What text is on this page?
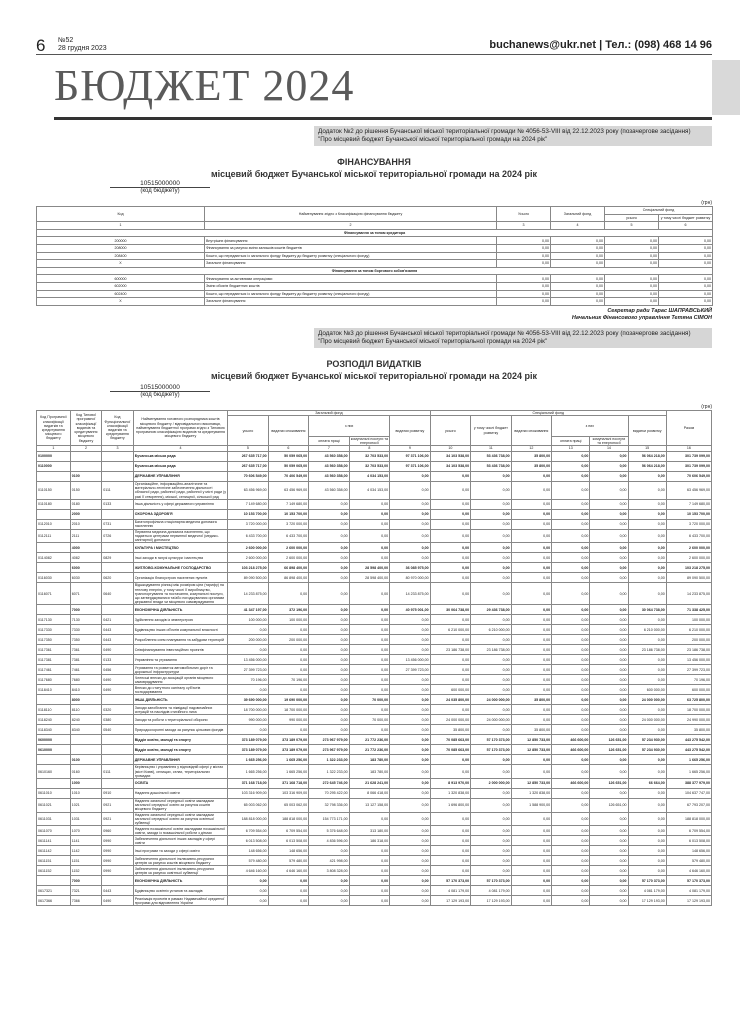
6 №52
28 грудня 2023	buchanews@ukr.net | Тел.: (098) 468 14 96
БЮДЖЕТ 2024
Додаток №2 до рішення Бучанської міської територіальної громади № 4056-53-VIII від 22.12.2023 року (позачергове засідання)
"Про місцевий бюджет Бучанської міської територіальної громади на 2024 рік"
ФІНАНСУВАННЯ
місцевий бюджет Бучанської міської територіальної громади на 2024 рік
10515000000
(код бюджету)
(грн)
Код	Найменування згідно з Класифікацією фінансування бюджету	Усього	Загальний фонд	Спеціальний фонд	
				усього	у тому числі бюджет розвитку
1	2	3	4	5	6
Фінансування за типом кредитора					
200000	Внутрішнє фінансування	0,00	0,00	0,00	0,00
208000	Фінансування за рахунок зміни залишків коштів бюджетів	0,00	0,00	0,00	0,00
208400	Кошти, що передаються із загального фонду бюджету до бюджету розвитку (спеціального фонду)	0,00	0,00	0,00	0,00
X	Загальне фінансування	0,00	0,00	0,00	0,00
Фінансування за типом боргового зобов'язання					
600000	Фінансування за активними операціями	0,00	0,00	0,00	0,00
602000	Зміни обсягів бюджетних коштів	0,00	0,00	0,00	0,00
602400	Кошти, що передаються із загального фонду бюджету до бюджету розвитку (спеціального фонду)	0,00	0,00	0,00	0,00
X	Загальне фінансування	0,00	0,00	0,00	0,00
Секретар ради Тарас ШАПРАВСЬКИЙ
Начальник Фінансового управління Тетяна СІМОН
Додаток №3 до рішення Бучанської міської територіальної громади № 4056-53-VIII від 22.12.2023 року (позачергове засідання)
"Про місцевий бюджет Бучанської міської територіальної громади на 2024 рік"
РОЗПОДІЛ ВИДАТКІВ
місцевий бюджет Бучанської міської територіальної громади на 2024 рік
10515000000
(код бюджету)
(грн)
Код Програмної класифікації видатків та кредитування місцевого бюджету	Код Типової програмної класифікації видатків та кредитування місцевого бюджету	Код Функціональної класифікації видатків та кредитування бюджету	Найменування головного розпорядника коштів місцевого бюджету / відповідального виконавця, найменування бюджетної програми згідно з Типовою програмною класифікацією видатків та кредитування місцевого бюджету	Загальний фонд					Спеціальний фонд						Разом
				усього	видатки споживання	з них		видатки розвитку	усього	у тому числі бюджет розвитку	видатки споживання	з них		видатки розвитку	
						оплата праці	комунальні послуги та енергоносії					оплата праці	комунальні послуги та енергоносії		
1	2	3	4	5	6	7	8	9	10	11	12	13	14	15	16
0100000			Бучанська міська рада	267 635 717,00	50 059 065,00	43 560 358,00	32 703 533,00	97 371 106,00	34 103 538,00	53 436 738,00	35 800,00	0,00	0,00	56 064 218,00	301 739 099,00
0110000			Бучанська міська рада	267 635 717,00	50 059 065,00	43 560 358,00	32 703 533,00	97 371 106,00	34 103 538,00	53 436 738,00	35 800,00	0,00	0,00	56 064 218,00	301 739 099,00
	0100		ДЕРЖАВНЕ УПРАВЛІННЯ	70 606 549,00	70 406 549,00	43 560 358,00	4 034 153,00	0,00	0,00	0,00	0,00	0,00	0,00	0,00	70 606 549,00
0110150	0150	0111	Організаційне, інформаційно-аналітичне та матеріально-технічне забезпечення діяльності обласної ради, районної ради, районної у місті ради (у разі її створення), міської, селищної, сільської рад	63 456 969,00	63 456 969,00	43 560 358,00	4 034 153,00	0,00	0,00	0,00	0,00	0,00	0,00	0,00	63 456 969,00
0110180	0180	0133	Інша діяльність у сфері державного управління	7 149 680,00	7 149 680,00	0,00	0,00	0,00	0,00	0,00	0,00	0,00	0,00	0,00	7 149 680,00
	2000		ОХОРОНА ЗДОРОВ'Я	10 153 700,00	10 153 700,00	0,00	0,00	0,00	0,00	0,00	0,00	0,00	0,00	0,00	10 153 700,00
0112010	2010	0731	Багатопрофільна стаціонарна медична допомога населенню	3 720 000,00	3 720 000,00	0,00	0,00	0,00	0,00	0,00	0,00	0,00	0,00	0,00	3 720 000,00
0112111	2111	0726	Первинна медична допомога населенню, що надається центрами первинної медичної (медико-санітарної) допомоги	6 433 700,00	6 433 700,00	0,00	0,00	0,00	0,00	0,00	0,00	0,00	0,00	0,00	6 433 700,00
	4000		КУЛЬТУРА І МИСТЕЦТВО	2 600 000,00	2 600 000,00	0,00	0,00	0,00	0,00	0,00	0,00	0,00	0,00	0,00	2 600 000,00
0114082	4082	0829	Інші заходи в галузі культури і мистецтва	2 600 000,00	2 600 000,00	0,00	0,00	0,00	0,00	0,00	0,00	0,00	0,00	0,00	2 600 000,00
	6000		ЖИТЛОВО-КОМУНАЛЬНЕ ГОСПОДАРСТВО	103 218 275,00	66 898 400,00	0,00	28 598 400,00	36 085 975,00	0,00	0,00	0,00	0,00	0,00	0,00	103 218 275,00
0116030	6030	0620	Організація благоустрою населених пунктів	89 090 500,00	86 898 400,00	0,00	28 598 400,00	80 970 000,00	0,00	0,00	0,00	0,00	0,00	0,00	89 090 500,00
0116071	6071	0640	Відшкодування різниці між розміром ціни (тарифу) на теплову енергію, у тому числі її виробництво, транспортування та постачання, комунальні послуги, що затверджувалися та/або погоджувалися органами державної влади чи місцевого самоврядування	14 233 875,00	0,00	0,00	0,00	14 233 875,00	0,00	0,00	0,00	0,00	0,00	0,00	14 233 875,00
	7000		ЕКОНОМІЧНА ДІЯЛЬНІСТЬ	41 347 197,00	372 196,00	0,00	0,00	40 975 001,00	30 064 738,00	29 436 738,00	0,00	0,00	0,00	30 064 738,00	71 338 425,00
0117130	7130	0421	Здійснення заходів із землеустрою	100 000,00	100 000,00	0,00	0,00	0,00	0,00	0,00	0,00	0,00	0,00	0,00	100 000,00
0117330	7330	0443	Будівництво інших об'єктів комунальної власності	0,00	0,00	0,00	0,00	0,00	6 210 000,00	6 210 000,00	0,00	0,00	0,00	6 210 000,00	6 210 000,00
0117350	7350	0443	Розроблення схем планування та забудови територій	200 000,00	200 000,00	0,00	0,00	0,00	0,00	0,00	0,00	0,00	0,00	0,00	200 000,00
0117361	7361	0490	Співфінансування інвестиційних проектів	0,00	0,00	0,00	0,00	0,00	23 186 738,00	23 186 738,00	0,00	0,00	0,00	23 186 738,00	23 186 738,00
0117381	7381	0133	Управління та утримання	13 456 000,00	0,00	0,00	0,00	13 456 000,00	0,00	0,00	0,00	0,00	0,00	0,00	13 456 000,00
0117461	7461	0456	Утримання та розвиток автомобільних доріг та дорожньої інфраструктури	27 399 723,00	0,00	0,00	0,00	27 399 723,00	0,00	0,00	0,00	0,00	0,00	0,00	27 399 723,00
0117680	7680	0490	Членські внески до асоціацій органів місцевого самоврядування	70 196,00	70 196,00	0,00	0,00	0,00	0,00	0,00	0,00	0,00	0,00	0,00	70 196,00
0118410	8410	0490	Внески до статутного капіталу суб'єктів господарювання	0,00	0,00	0,00	0,00	0,00	600 000,00	0,00	0,00	0,00	0,00	600 000,00	600 000,00
	8000		ІНША ДІЯЛЬНІСТЬ	39 690 000,00	19 690 000,00	0,00	70 000,00	0,00	24 035 800,00	24 000 000,00	35 800,00	0,00	0,00	24 000 000,00	63 725 800,00
0118110	8110	0320	Заходи запобігання та ліквідації надзвичайних ситуацій та наслідків стихійного лиха	18 700 000,00	18 700 000,00	0,00	0,00	0,00	0,00	0,00	0,00	0,00	0,00	0,00	18 700 000,00
0118240	8240	0380	Заходи та роботи з територіальної оборони	990 000,00	990 000,00	0,00	70 000,00	0,00	24 000 000,00	24 000 000,00	0,00	0,00	0,00	24 000 000,00	24 990 000,00
0118340	8340	0540	Природоохоронні заходи за рахунок цільових фондів	0,00	0,00	0,00	0,00	0,00	35 800,00	0,00	35 800,00	0,00	0,00	0,00	35 800,00
0600000			Відділ освіти, молоді та спорту	373 189 079,00	373 189 079,00	273 967 979,00	21 772 236,00	0,00	70 085 663,00	57 170 373,00	12 850 733,00	466 600,00	126 651,00	57 234 930,00	443 275 542,00
0610000			Відділ освіти, молоді та спорту	373 189 079,00	373 189 079,00	273 967 979,00	21 772 236,00	0,00	70 085 663,00	57 170 373,00	12 850 733,00	466 600,00	126 651,00	57 234 930,00	443 275 542,00
	0100		ДЕРЖАВНЕ УПРАВЛІННЯ	1 665 256,00	1 665 256,00	1 322 233,00	183 780,00	0,00	0,00	0,00	0,00	0,00	0,00	0,00	1 665 256,00
0610160	0160	0111	Керівництво і управління у відповідній сфері у містах (місті Києві), селищах, селах, територіальних громадах	1 665 256,00	1 665 256,00	1 322 233,00	183 780,00	0,00	0,00	0,00	0,00	0,00	0,00	0,00	1 665 256,00
	1000		ОСВІТА	371 168 718,00	371 168 718,00	272 645 746,00	21 628 241,00	0,00	8 913 970,00	2 000 000,00	12 850 733,00	466 600,00	126 651,00	66 664,00	388 377 979,00
0611010	1010	0910	Надання дошкільної освіти	103 316 909,00	103 316 909,00	70 295 422,00	8 066 418,00	0,00	1 320 838,00	0,00	1 320 838,00	0,00	0,00	0,00	104 637 747,00
0611021	1021	0921	Надання загальної середньої освіти закладами загальної середньої освіти за рахунок коштів місцевого бюджету	65 003 062,00	65 003 062,00	32 798 336,00	13 127 158,00	0,00	1 696 800,00	0,00	1 588 900,00	0,00	126 651,00	0,00	67 793 207,00
0611031	1031	0921	Надання загальної середньої освіти закладами загальної середньої освіти за рахунок освітньої субвенції	188 818 000,00	188 818 000,00	154 773 171,00	0,00	0,00	0,00	0,00	0,00	0,00	0,00	0,00	188 818 000,00
0611070	1070	0960	Надання позашкільної освіти закладами позашкільної освіти, заходи із позашкільної роботи з дітьми	6 709 554,00	6 709 554,00	5 376 648,00	313 180,00	0,00	0,00	0,00	0,00	0,00	0,00	0,00	6 709 554,00
0611141	1141	0990	Забезпечення діяльності інших закладів у сфері освіти	6 013 508,00	6 013 508,00	4 836 596,00	186 318,00	0,00	0,00	0,00	0,00	0,00	0,00	0,00	6 013 508,00
0611142	1142	0990	Інші програми та заходи у сфері освіти	148 656,00	148 656,00	0,00	0,00	0,00	0,00	0,00	0,00	0,00	0,00	0,00	148 656,00
0611151	1151	0990	Забезпечення діяльності інклюзивно-ресурсних центрів за рахунок коштів місцевого бюджету	579 480,00	579 480,00	421 998,00	0,00	0,00	0,00	0,00	0,00	0,00	0,00	0,00	579 480,00
0611152	1152	0990	Забезпечення діяльності інклюзивно-ресурсних центрів за рахунок освітньої субвенції	4 646 160,00	4 646 160,00	3 808 328,00	0,00	0,00	0,00	0,00	0,00	0,00	0,00	0,00	4 646 160,00
	7000		ЕКОНОМІЧНА ДІЯЛЬНІСТЬ	0,00	0,00	0,00	0,00	0,00	57 170 373,00	57 170 373,00	0,00	0,00	0,00	57 170 373,00	57 170 373,00
0617321	7321	0443	Будівництво освітніх установ та закладів	0,00	0,00	0,00	0,00	0,00	4 081 179,00	4 081 179,00	0,00	0,00	0,00	4 081 179,00	4 081 179,00
0617366	7366	0490	Реалізація проектів в рамках Надзвичайної кредитної програми для відновлення України	0,00	0,00	0,00	0,00	0,00	17 129 193,00	17 129 193,00	0,00	0,00	0,00	17 129 193,00	17 129 193,00
